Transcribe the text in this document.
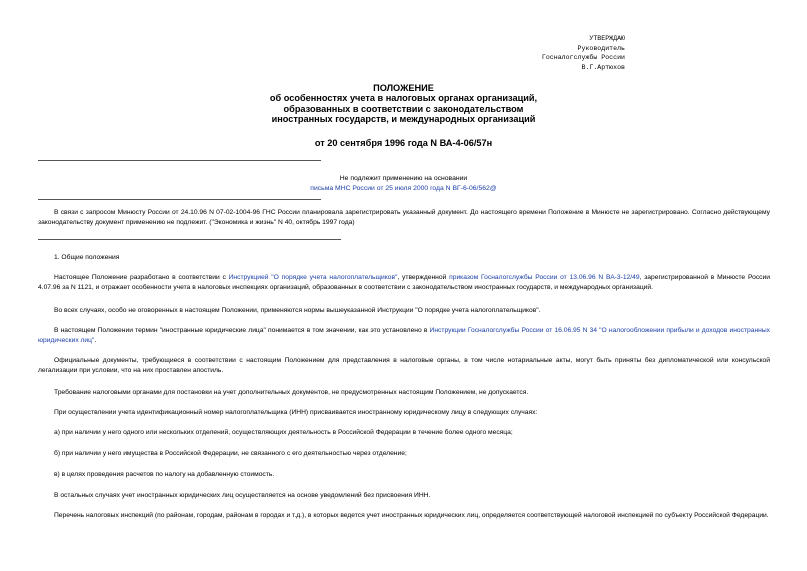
УТВЕРЖДАЮ
Руководитель
Госналогслужбы России
В.Г.Артюхов
ПОЛОЖЕНИЕ
об особенностях учета в налоговых органах организаций,
образованных в соответствии с законодательством
иностранных государств, и международных организаций
от 20 сентября 1996 года N ВА-4-06/57н
Не подлежит применению на основании
письма МНС России от 25 июля 2000 года N ВГ-6-06/562@
В связи с запросом Минюсту России от 24.10.96 N 07-02-1004-96 ГНС России планировала зарегистрировать указанный документ. До настоящего времени Положение в Минюсте не зарегистрировано. Согласно действующему законодательству документ применению не подлежит. ("Экономика и жизнь" N 40, октябрь 1997 года)
1. Общие положения
Настоящее Положение разработано в соответствии с Инструкцией "О порядке учета налогоплательщиков", утвержденной приказом Госналогслужбы России от 13.06.96 N ВА-3-12/49, зарегистрированной в Минюсте России 4.07.96 за N 1121, и отражает особенности учета в налоговых инспекциях организаций, образованных в соответствии с законодательством иностранных государств, и международных организаций.
Во всех случаях, особо не оговоренных в настоящем Положении, применяются нормы вышеуказанной Инструкции "О порядке учета налогоплательщиков".
В настоящем Положении термин "иностранные юридические лица" понимается в том значении, как это установлено в Инструкции Госналогслужбы России от 16.06.95 N 34 "О налогообложении прибыли и доходов иностранных юридических лиц".
Официальные документы, требующиеся в соответствии с настоящим Положением для представления в налоговые органы, в том числе нотариальные акты, могут быть приняты без дипломатической или консульской легализации при условии, что на них проставлен апостиль.
Требование налоговыми органами для постановки на учет дополнительных документов, не предусмотренных настоящим Положением, не допускается.
При осуществлении учета идентификационный номер налогоплательщика (ИНН) присваивается иностранному юридическому лицу в следующих случаях:
а) при наличии у него одного или нескольких отделений, осуществляющих деятельность в Российской Федерации в течение более одного месяца;
б) при наличии у него имущества в Российской Федерации, не связанного с его деятельностью через отделение;
в) в целях проведения расчетов по налогу на добавленную стоимость.
В остальных случаях учет иностранных юридических лиц осуществляется на основе уведомлений без присвоения ИНН.
Перечень налоговых инспекций (по районам, городам, районам в городах и т.д.), в которых ведется учет иностранных юридических лиц, определяется соответствующей налоговой инспекцией по субъекту Российской Федерации.
